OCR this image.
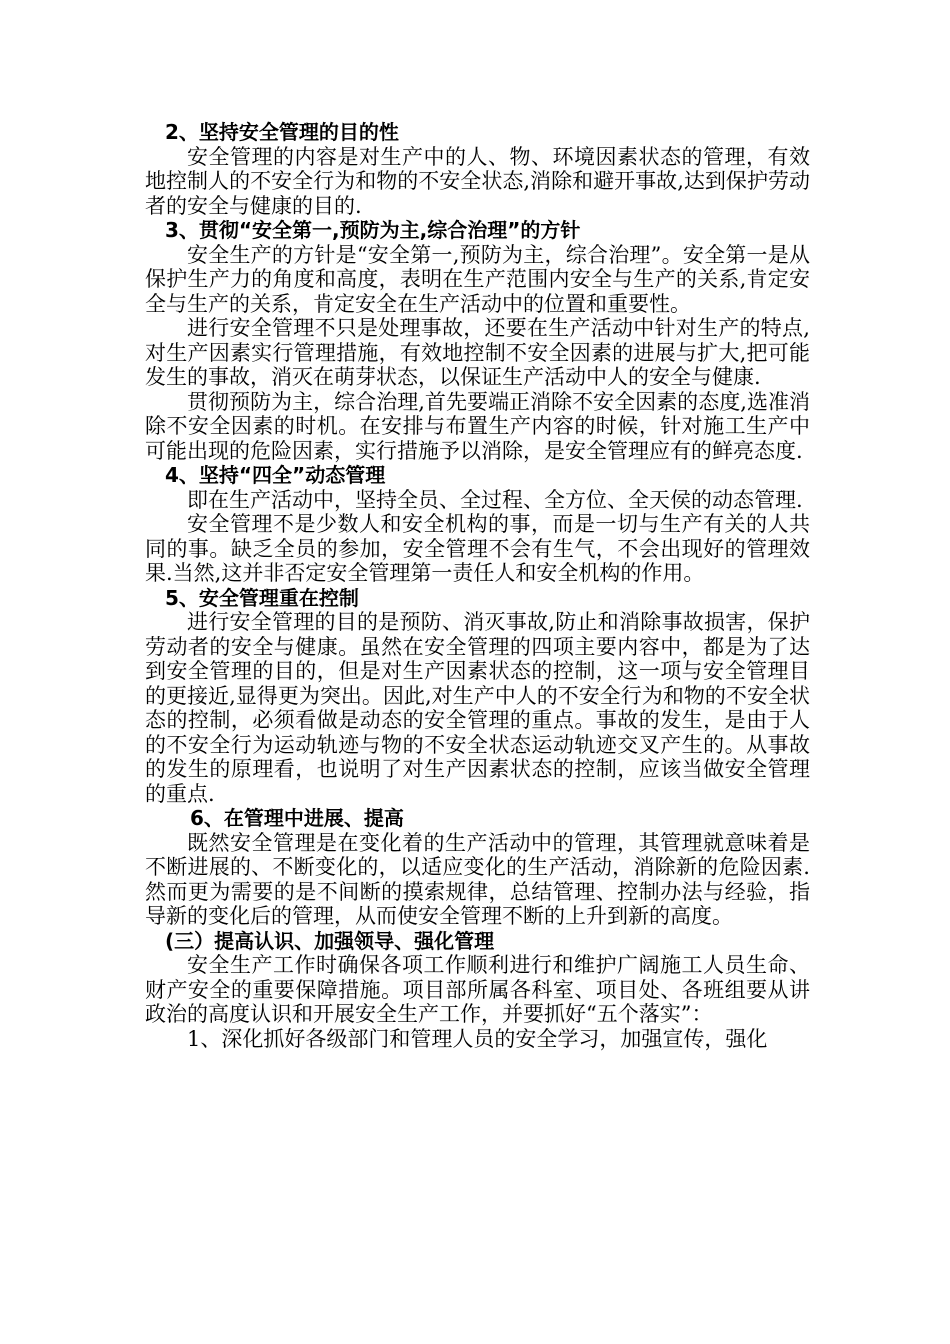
2、坚持安全管理的目的性
安全管理的内容是对生产中的人、物、环境因素状态的管理，有效地控制人的不安全行为和物的不安全状态,消除和避开事故,达到保护劳动者的安全与健康的目的.
3、贯彻“安全第一,预防为主,综合治理”的方针
安全生产的方针是“安全第一,预防为主，综合治理”。安全第一是从保护生产力的角度和高度，表明在生产范围内安全与生产的关系,肯定安全与生产的关系，肯定安全在生产活动中的位置和重要性。
进行安全管理不只是处理事故，还要在生产活动中针对生产的特点,对生产因素实行管理措施，有效地控制不安全因素的进展与扩大,把可能发生的事故，消灭在萌芽状态，以保证生产活动中人的安全与健康.
贯彻预防为主，综合治理,首先要端正消除不安全因素的态度,选准消除不安全因素的时机。在安排与布置生产内容的时候，针对施工生产中可能出现的危险因素，实行措施予以消除，是安全管理应有的鲜亮态度.
4、坚持“四全”动态管理
即在生产活动中，坚持全员、全过程、全方位、全天侯的动态管理.
安全管理不是少数人和安全机构的事，而是一切与生产有关的人共同的事。缺乏全员的参加，安全管理不会有生气，不会出现好的管理效果.当然,这并非否定安全管理第一责任人和安全机构的作用。
5、安全管理重在控制
进行安全管理的目的是预防、消灭事故,防止和消除事故损害，保护劳动者的安全与健康。虽然在安全管理的四项主要内容中，都是为了达到安全管理的目的，但是对生产因素状态的控制，这一项与安全管理目的更接近,显得更为突出。因此,对生产中人的不安全行为和物的不安全状态的控制，必须看做是动态的安全管理的重点。事故的发生，是由于人的不安全行为运动轨迹与物的不安全状态运动轨迹交叉产生的。从事故的发生的原理看，也说明了对生产因素状态的控制，应该当做安全管理的重点.
6、在管理中进展、提高
既然安全管理是在变化着的生产活动中的管理，其管理就意味着是不断进展的、不断变化的，以适应变化的生产活动，消除新的危险因素.然而更为需要的是不间断的摸索规律，总结管理、控制办法与经验，指导新的变化后的管理，从而使安全管理不断的上升到新的高度。
(三）提高认识、加强领导、强化管理
安全生产工作时确保各项工作顺利进行和维护广阔施工人员生命、财产安全的重要保障措施。项目部所属各科室、项目处、各班组要从讲政治的高度认识和开展安全生产工作，并要抓好“五个落实”：
1、深化抓好各级部门和管理人员的安全学习，加强宣传，强化
